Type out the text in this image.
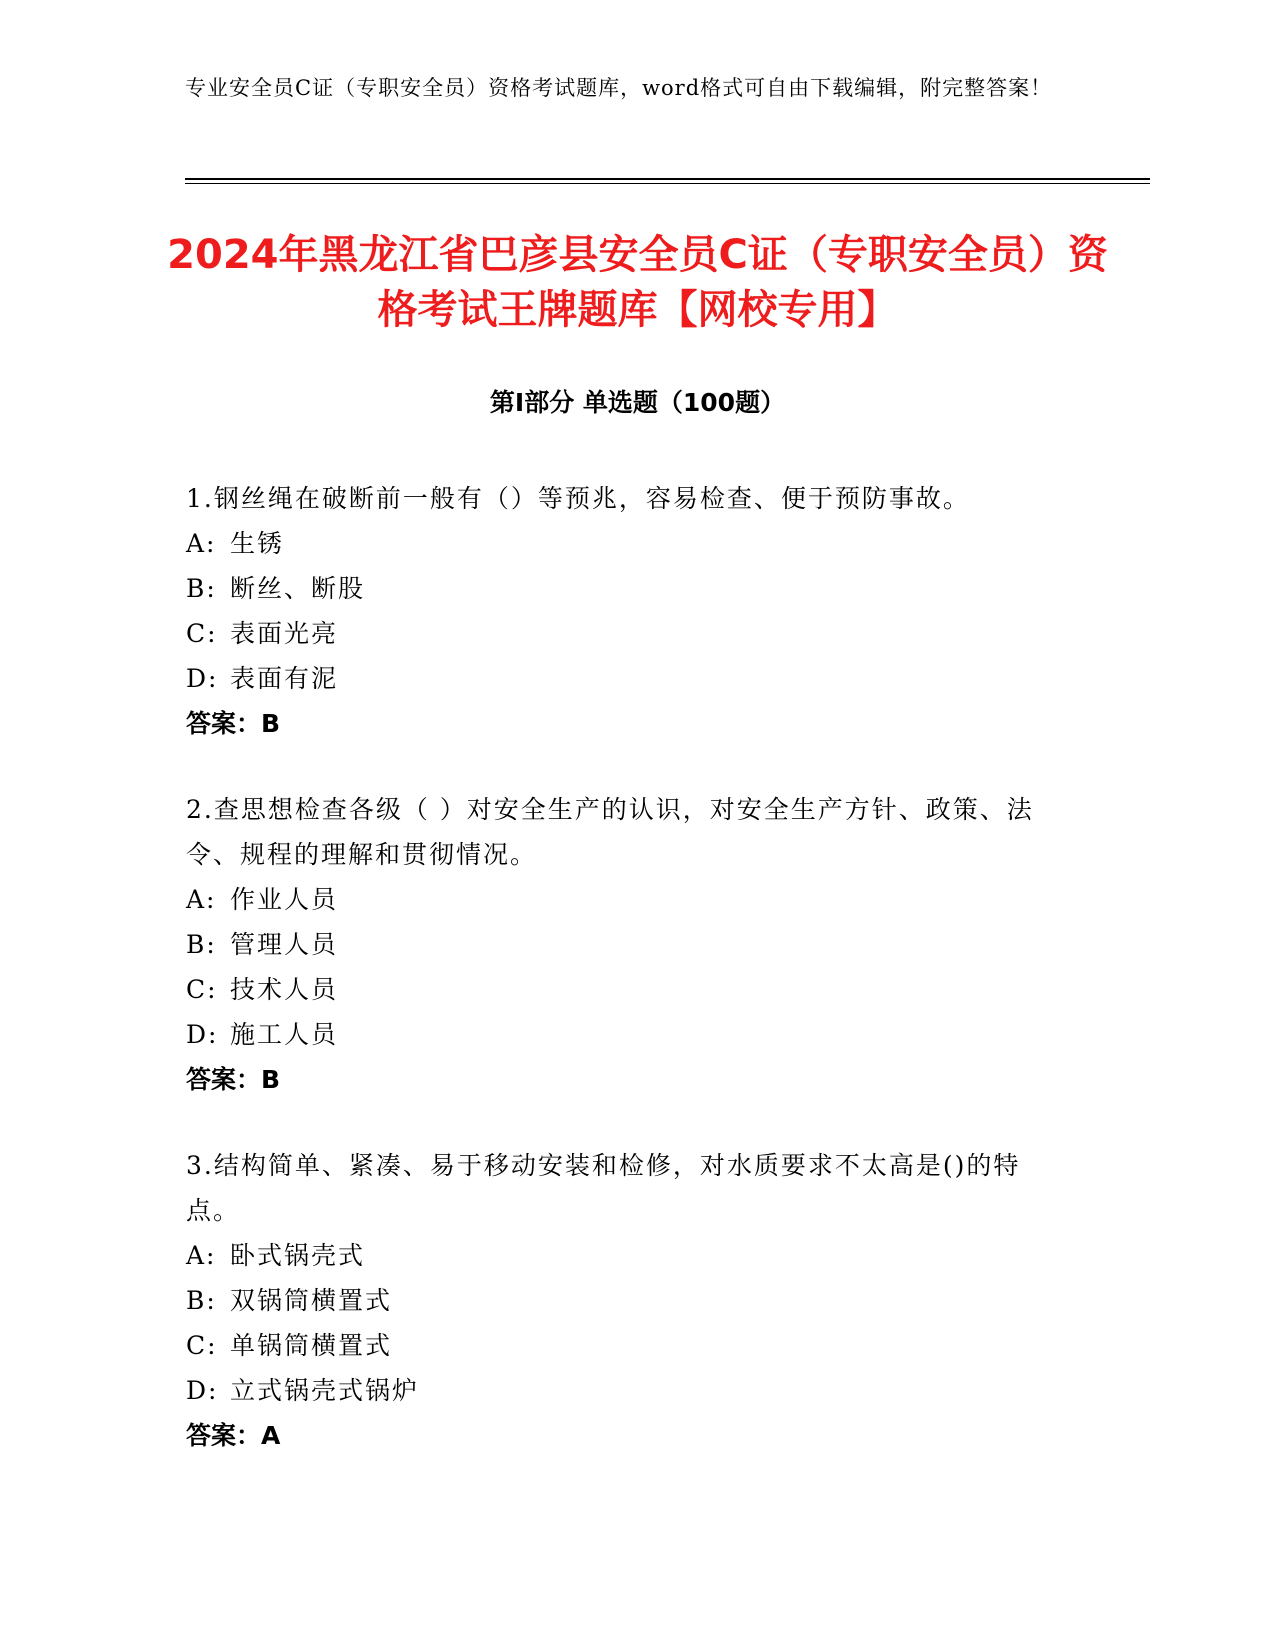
专业安全员C证（专职安全员）资格考试题库，word格式可自由下载编辑，附完整答案！
2024年黑龙江省巴彦县安全员C证（专职安全员）资格考试王牌题库【网校专用】
第Ⅰ部分 单选题（100题）

1.钢丝绳在破断前一般有（）等预兆，容易检查、便于预防事故。

A: 生锈
B: 断丝、断股
C: 表面光亮
D: 表面有泥

答案：B

2.查思想检查各级（ ）对安全生产的认识，对安全生产方针、政策、法令、规程的理解和贯彻情况。

A: 作业人员
B: 管理人员
C: 技术人员
D: 施工人员

答案：B

3.结构简单、紧凑、易于移动安装和检修，对水质要求不太高是()的特点。

A: 卧式锅壳式
B: 双锅筒横置式
C: 单锅筒横置式
D: 立式锅壳式锅炉

答案：A
